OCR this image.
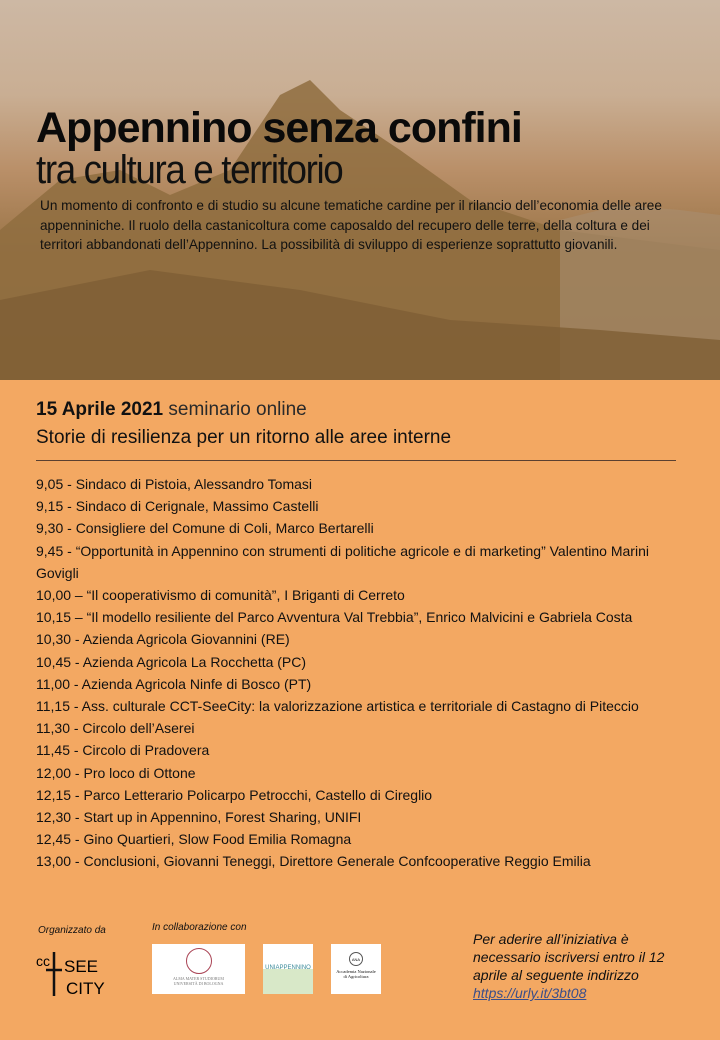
Appennino senza confini
tra cultura e territorio
Un momento di confronto e di studio su alcune tematiche cardine per il rilancio dell’economia delle aree appenniniche. Il ruolo della castanicoltura come caposaldo del recupero delle terre, della coltura e dei territori abbandonati dell’Appennino. La possibilità di sviluppo di esperienze soprattutto giovanili.
15 Aprile 2021 seminario online
Storie di resilienza per un ritorno alle aree interne
9,05 - Sindaco di Pistoia, Alessandro Tomasi
9,15 - Sindaco di Cerignale, Massimo Castelli
9,30 - Consigliere del Comune di Coli, Marco Bertarelli
9,45 - “Opportunità in Appennino con strumenti di politiche agricole e di marketing” Valentino Marini Govigli
10,00 – “Il cooperativismo di comunità”, I Briganti di Cerreto
10,15 – “Il modello resiliente del Parco Avventura Val Trebbia”, Enrico Malvicini e Gabriela Costa
10,30 - Azienda Agricola Giovannini (RE)
10,45 - Azienda Agricola La Rocchetta (PC)
11,00 - Azienda Agricola Ninfe di Bosco (PT)
11,15 - Ass. culturale CCT-SeeCity: la valorizzazione artistica e territoriale di Castagno di Piteccio
11,30 - Circolo dell’Aserei
11,45 - Circolo di Pradovera
12,00 - Pro loco di Ottone
12,15 - Parco Letterario Policarpo Petrocchi, Castello di Cireglio
12,30 - Start up in Appennino, Forest Sharing, UNIFI
12,45 - Gino Quartieri, Slow Food Emilia Romagna
13,00 - Conclusioni, Giovanni Teneggi, Direttore Generale Confcooperative Reggio Emilia
Organizzato da	In collaborazione con
cc SEE
CITY
ALMA MATER STUDIORUM
UNIVERSITÀ DI BOLOGNA
UNIAPPENNINO
ANA
Accademia Nazionale
di Agricoltura
Per aderire all’iniziativa è necessario iscriversi entro il 12 aprile al seguente indirizzo
https://urly.it/3bt08
